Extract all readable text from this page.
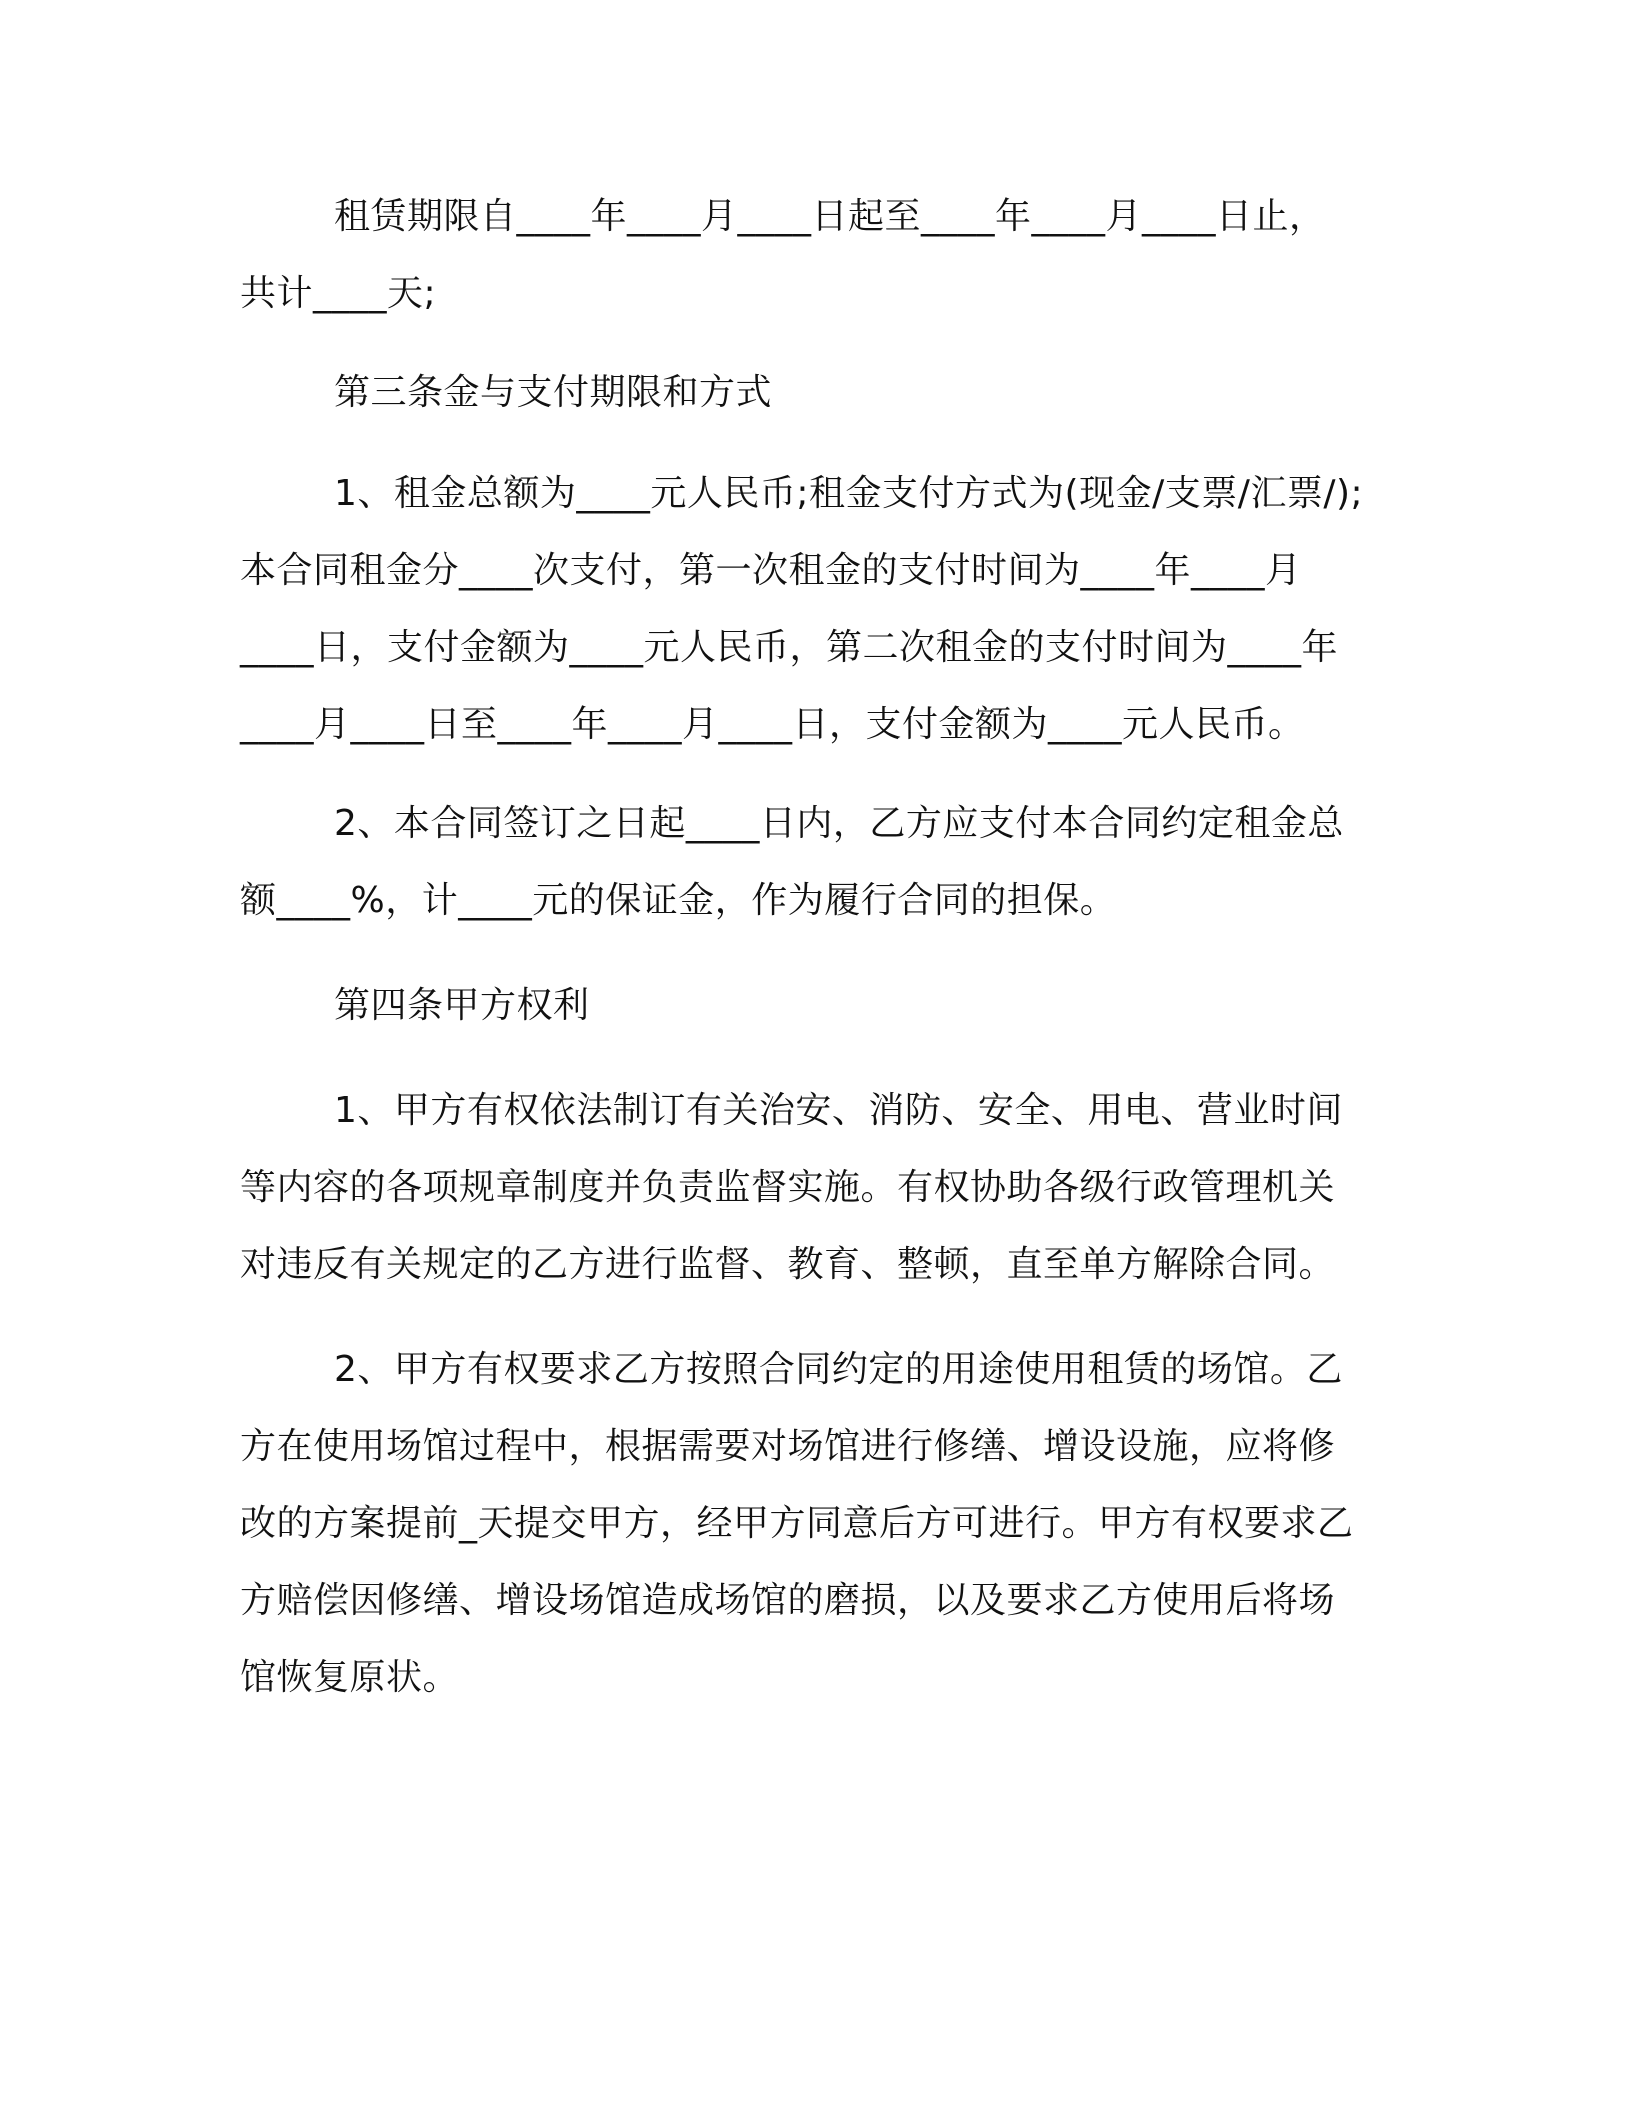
租赁期限自____年____月____日起至____年____月____日止，
共计____天;

第三条金与支付期限和方式

1、租金总额为____元人民币;租金支付方式为(现金/支票/汇票/);
本合同租金分____次支付，第一次租金的支付时间为____年____月
____日，支付金额为____元人民币，第二次租金的支付时间为____年
____月____日至____年____月____日，支付金额为____元人民币。

2、本合同签订之日起____日内，乙方应支付本合同约定租金总
额____%，计____元的保证金，作为履行合同的担保。

第四条甲方权利

1、甲方有权依法制订有关治安、消防、安全、用电、营业时间
等内容的各项规章制度并负责监督实施。有权协助各级行政管理机关
对违反有关规定的乙方进行监督、教育、整顿，直至单方解除合同。

2、甲方有权要求乙方按照合同约定的用途使用租赁的场馆。乙
方在使用场馆过程中，根据需要对场馆进行修缮、增设设施，应将修
改的方案提前_天提交甲方，经甲方同意后方可进行。甲方有权要求乙
方赔偿因修缮、增设场馆造成场馆的磨损，以及要求乙方使用后将场
馆恢复原状。
